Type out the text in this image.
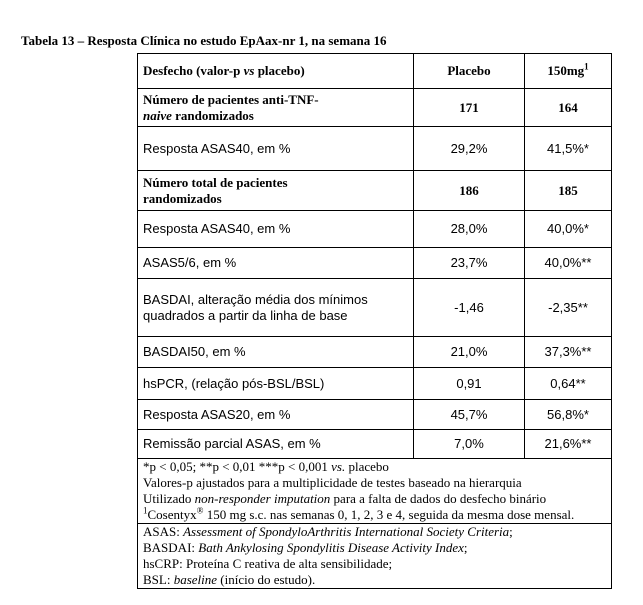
Tabela 13 – Resposta Clínica no estudo EpAax-nr 1, na semana 16
Desfecho (valor-p vs placebo)	Placebo	$150mg^1$
Número de pacientes anti-TNF-
naive randomizados	171	164
Resposta ASAS40, em %	29,2%	41,5%*
Número total de pacientes
randomizados	186	185
Resposta ASAS40, em %	28,0%	40,0%*
ASAS5/6, em %	23,7%	40,0%**
BASDAI, alteração média dos mínimos quadrados a partir da linha de base	-1,46	-2,35**
BASDAI50, em %	21,0%	37,3%**
hsPCR, (relação pós-BSL/BSL)	0,91	0,64**
Resposta ASAS20, em %	45,7%	56,8%*
Remissão parcial ASAS, em %	7,0%	21,6%**

*p < 0,05; **p < 0,01 ***p < 0,001 vs. placebo
Valores-p ajustados para a multiplicidade de testes baseado na hierarquia
Utilizado non-responder imputation para a falta de dados do desfecho binário
$^1$Cosentyx® 150 mg s.c. nas semanas 0, 1, 2, 3 e 4, seguida da mesma dose mensal.		

ASAS: Assessment of SpondyloArthritis International Society Criteria;
BASDAI: Bath Ankylosing Spondylitis Disease Activity Index;
hsCRP: Proteína C reativa de alta sensibilidade;
BSL: baseline (início do estudo).		
